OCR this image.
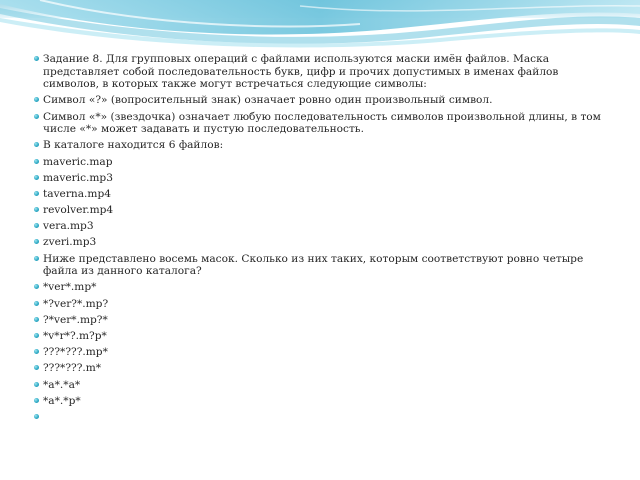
Задание 8. Для групповых операций с файлами используются маски имён файлов. Маска представляет собой последовательность букв, цифр и прочих допустимых в именах файлов символов, в которых также могут встречаться следующие символы:
Символ «?» (вопросительный знак) означает ровно один произвольный символ.
Символ «*» (звездочка) означает любую последовательность символов произвольной длины, в том числе «*» может задавать и пустую последовательность.
В каталоге находится 6 файлов:
maveric.map
maveric.mp3
taverna.mp4
revolver.mp4
vera.mp3
zveri.mp3
Ниже представлено восемь масок. Сколько из них таких, которым соответствуют ровно четыре файла из данного каталога?
*ver*.mp*
*?ver?*.mp?
?*ver*.mp?*
*v*r*?.m?p*
???*???.mp*
???*???.m*
*a*.*a*
*a*.*p*
